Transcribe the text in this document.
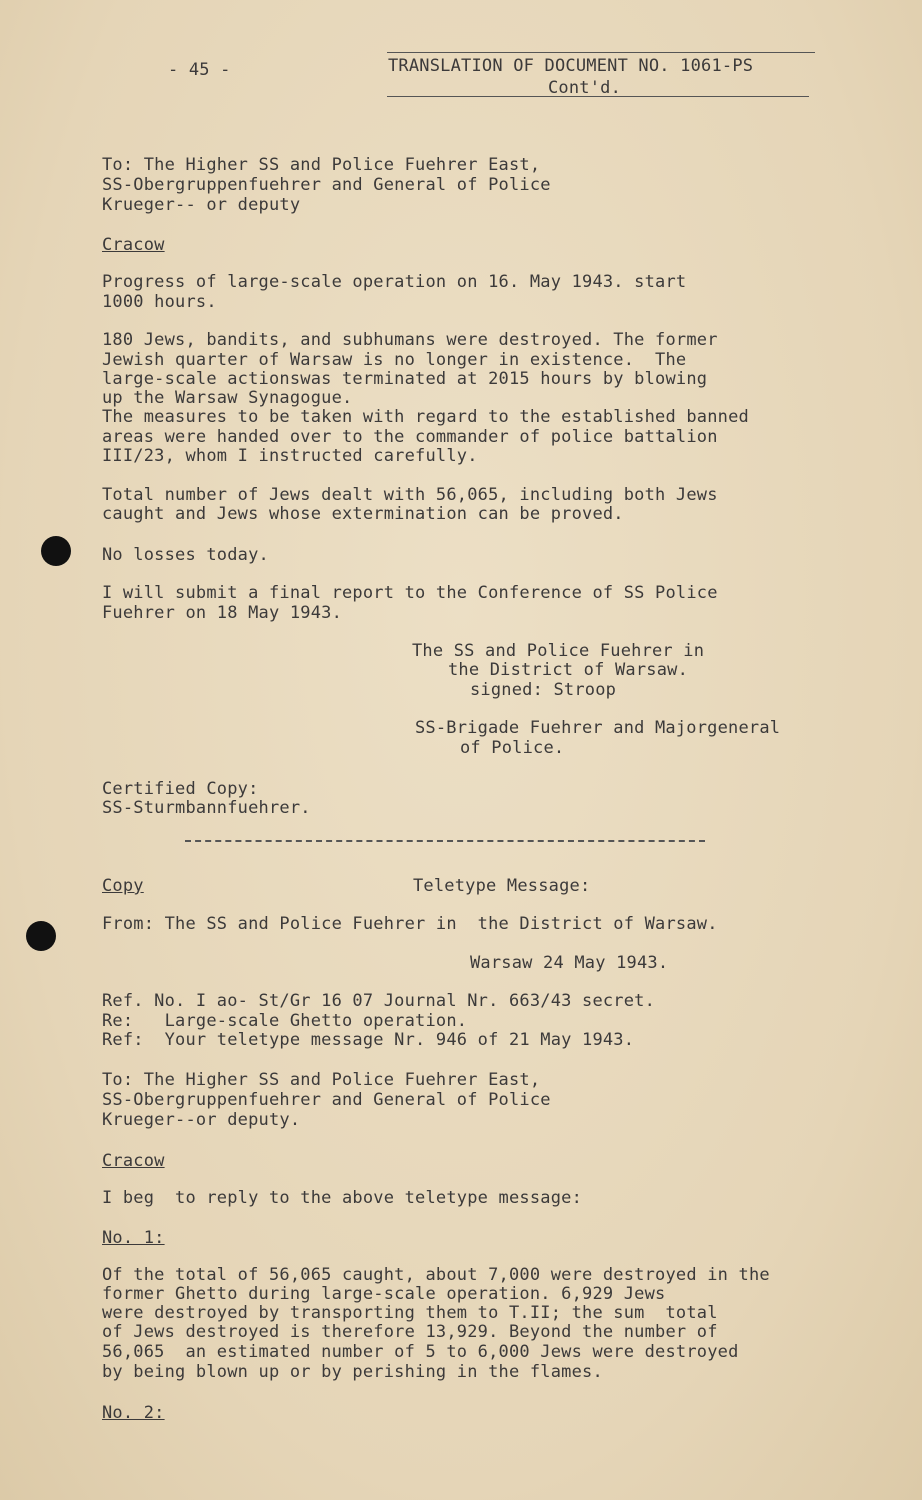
- 45 -	TRANSLATION OF DOCUMENT NO. 1061-PS
Cont'd.
To: The Higher SS and Police Fuehrer East,
SS-Obergruppenfuehrer and General of Police
Krueger-- or deputy
Cracow
Progress of large-scale operation on 16. May 1943. start
1000 hours.
180 Jews, bandits, and subhumans were destroyed. The former
Jewish quarter of Warsaw is no longer in existence.  The
large-scale actionswas terminated at 2015 hours by blowing
up the Warsaw Synagogue.
The measures to be taken with regard to the established banned
areas were handed over to the commander of police battalion
III/23, whom I instructed carefully.
Total number of Jews dealt with 56,065, including both Jews
caught and Jews whose extermination can be proved.
No losses today.
I will submit a final report to the Conference of SS Police
Fuehrer on 18 May 1943.
The SS and Police Fuehrer in
the District of Warsaw.
signed: Stroop
SS-Brigade Fuehrer and Majorgeneral
of Police.
Certified Copy:
SS-Sturmbannfuehrer.
Copy	Teletype Message:
From: The SS and Police Fuehrer in  the District of Warsaw.
Warsaw 24 May 1943.
Ref. No. I ao- St/Gr 16 07 Journal Nr. 663/43 secret.
Re:   Large-scale Ghetto operation.
Ref:  Your teletype message Nr. 946 of 21 May 1943.
To: The Higher SS and Police Fuehrer East,
SS-Obergruppenfuehrer and General of Police
Krueger--or deputy.
Cracow
I beg  to reply to the above teletype message:
No. 1:
Of the total of 56,065 caught, about 7,000 were destroyed in the
former Ghetto during large-scale operation. 6,929 Jews
were destroyed by transporting them to T.II; the sum  total
of Jews destroyed is therefore 13,929. Beyond the number of
56,065  an estimated number of 5 to 6,000 Jews were destroyed
by being blown up or by perishing in the flames.
No. 2:
